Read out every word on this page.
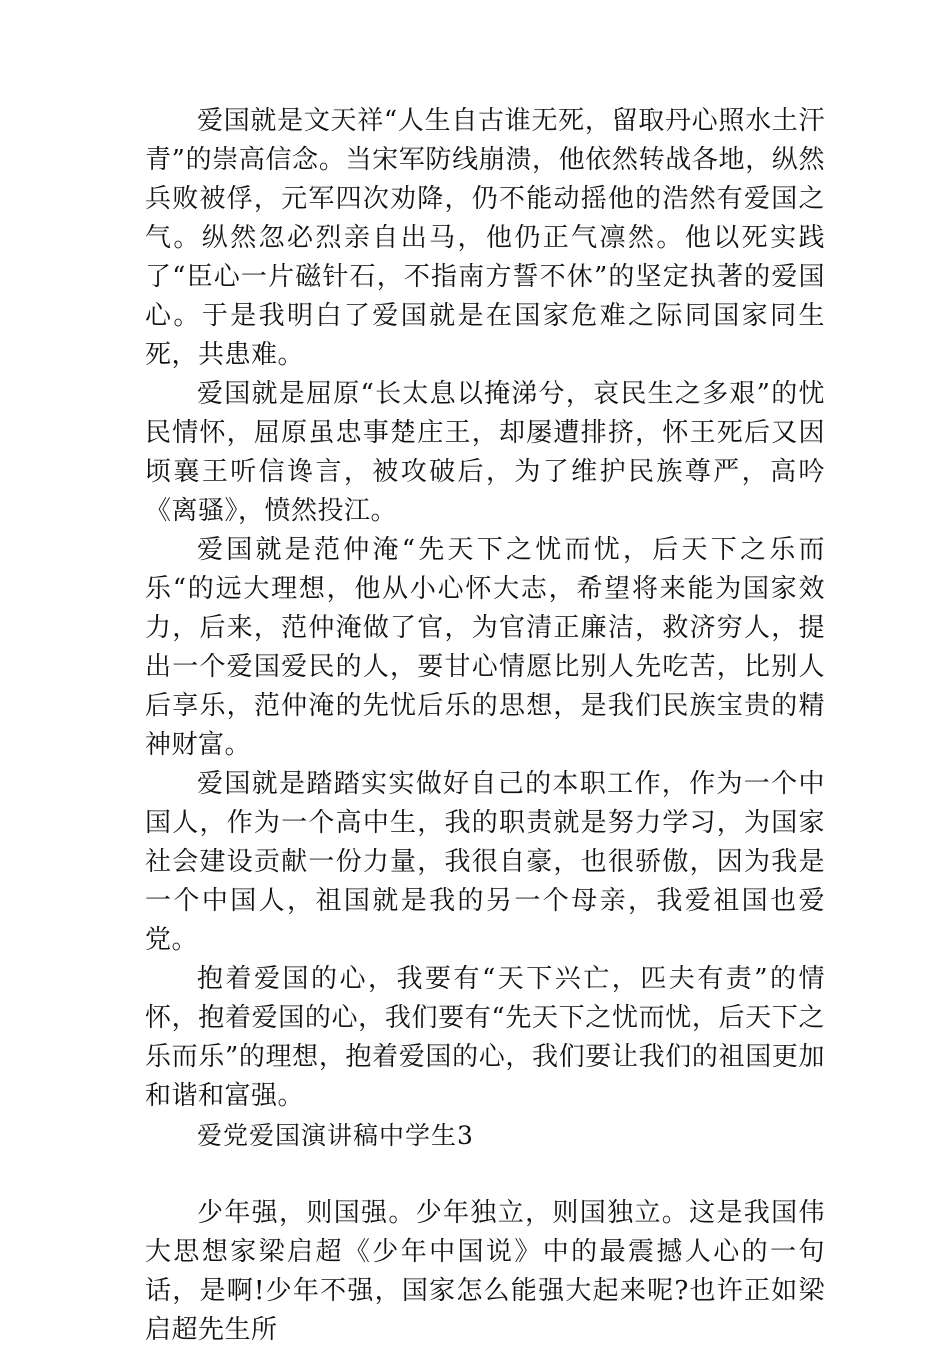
爱国就是文天祥“人生自古谁无死，留取丹心照水土汗青”的崇高信念。当宋军防线崩溃，他依然转战各地，纵然兵败被俘，元军四次劝降，仍不能动摇他的浩然有爱国之气。纵然忽必烈亲自出马，他仍正气凛然。他以死实践了“臣心一片磁针石，不指南方誓不休”的坚定执著的爱国心。于是我明白了爱国就是在国家危难之际同国家同生死，共患难。

爱国就是屈原“长太息以掩涕兮，哀民生之多艰”的忧民情怀，屈原虽忠事楚庄王，却屡遭排挤，怀王死后又因顷襄王听信谗言，被攻破后，为了维护民族尊严，高吟《离骚》，愤然投江。

爱国就是范仲淹“先天下之忧而忧，后天下之乐而乐“的远大理想，他从小心怀大志，希望将来能为国家效力，后来，范仲淹做了官，为官清正廉洁，救济穷人，提出一个爱国爱民的人，要甘心情愿比别人先吃苦，比别人后享乐，范仲淹的先忧后乐的思想，是我们民族宝贵的精神财富。

爱国就是踏踏实实做好自己的本职工作，作为一个中国人，作为一个高中生，我的职责就是努力学习，为国家社会建设贡献一份力量，我很自豪，也很骄傲，因为我是一个中国人，祖国就是我的另一个母亲，我爱祖国也爱党。

抱着爱国的心，我要有“天下兴亡，匹夫有责”的情怀，抱着爱国的心，我们要有“先天下之忧而忧，后天下之乐而乐”的理想，抱着爱国的心，我们要让我们的祖国更加和谐和富强。

爱党爱国演讲稿中学生3

少年强，则国强。少年独立，则国独立。这是我国伟大思想家梁启超《少年中国说》中的最震撼人心的一句话，是啊!少年不强，国家怎么能强大起来呢?也许正如梁启超先生所
